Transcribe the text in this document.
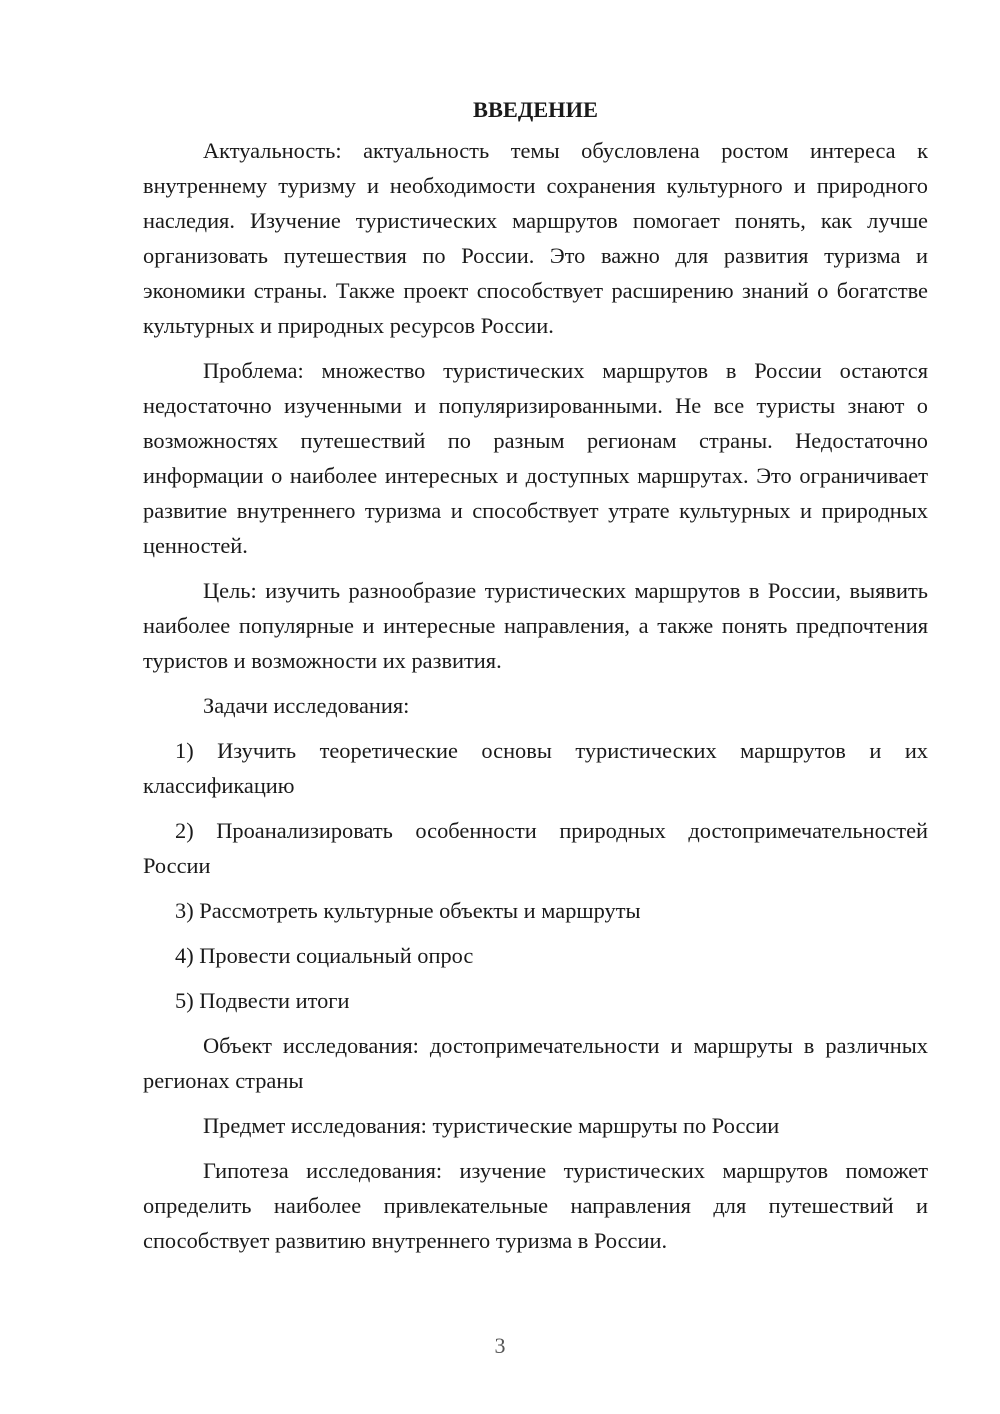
ВВЕДЕНИЕ

Актуальность: актуальность темы обусловлена ростом интереса к внутреннему туризму и необходимости сохранения культурного и природного наследия. Изучение туристических маршрутов помогает понять, как лучше организовать путешествия по России. Это важно для развития туризма и экономики страны. Также проект способствует расширению знаний о богатстве культурных и природных ресурсов России.

Проблема: множество туристических маршрутов в России остаются недостаточно изученными и популяризированными. Не все туристы знают о возможностях путешествий по разным регионам страны. Недостаточно информации о наиболее интересных и доступных маршрутах. Это ограничивает развитие внутреннего туризма и способствует утрате культурных и природных ценностей.

Цель: изучить разнообразие туристических маршрутов в России, выявить наиболее популярные и интересные направления, а также понять предпочтения туристов и возможности их развития.

Задачи исследования:

1) Изучить теоретические основы туристических маршрутов и их классификацию

2) Проанализировать особенности природных достопримечательностей России

3) Рассмотреть культурные объекты и маршруты

4) Провести социальный опрос

5) Подвести итоги

Объект исследования: достопримечательности и маршруты в различных регионах страны

Предмет исследования: туристические маршруты по России

Гипотеза исследования: изучение туристических маршрутов поможет определить наиболее привлекательные направления для путешествий и способствует развитию внутреннего туризма в России.

3
